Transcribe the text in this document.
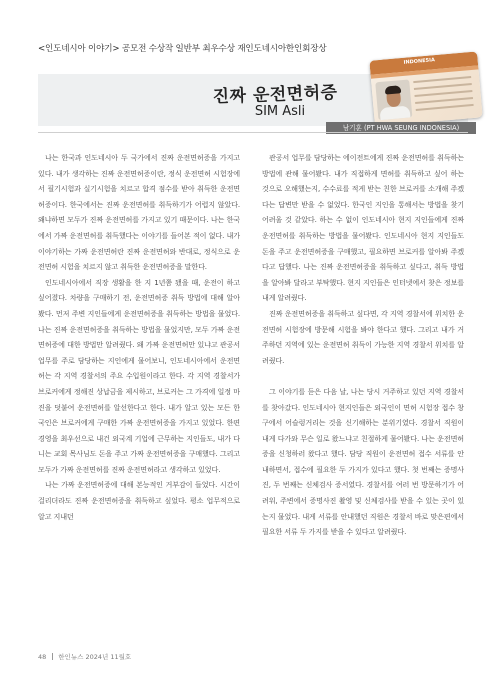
<인도네시아 이야기> 공모전 수상작 일반부 최우수상 재인도네시아한인회장상
진짜 운전면허증
SIM Asli
INDONESIA
남기훈 (PT HWA SEUNG INDONESIA)

나는 한국과 인도네시아 두 국가에서 진짜 운전면허증을 가지고 있다. 내가 생각하는 진짜 운전면허증이란, 정식 운전면허 시험장에서 필기시험과 실기시험을 치르고 합격 점수를 받아 취득한 운전면허증이다. 한국에서는 진짜 운전면허를 취득하기가 어렵지 않았다. 왜냐하면 모두가 진짜 운전면허를 가지고 있기 때문이다. 나는 한국에서 가짜 운전면허를 취득했다는 이야기를 들어본 적이 없다. 내가 이야기하는 가짜 운전면허란 진짜 운전면허와 반대로, 정식으로 운전면허 시험을 치르지 않고 취득한 운전면허증을 말한다.

인도네시아에서 직장 생활을 한 지 1년쯤 됐을 때, 운전이 하고 싶어졌다. 차량을 구매하기 전, 운전면허증 취득 방법에 대해 알아봤다. 먼저 주변 지인들에게 운전면허증을 취득하는 방법을 물었다. 나는 진짜 운전면허증을 취득하는 방법을 물었지만, 모두 가짜 운전면허증에 대한 방법만 알려줬다. 왜 가짜 운전면허만 있냐고 관공서 업무를 주로 담당하는 지인에게 물어보니, 인도네시아에서 운전면허는 각 지역 경찰서의 주요 수입원이라고 한다. 각 지역 경찰서가 브로커에게 정해진 상납금을 제시하고, 브로커는 그 가격에 일정 마진을 덧붙여 운전면허를 알선한다고 한다. 내가 알고 있는 모든 한국인은 브로커에게 구매한 가짜 운전면허증을 가지고 있었다. 한편 경영을 최우선으로 내건 외국계 기업에 근무하는 지인들도, 내가 다니는 교회 목사님도 돈을 주고 가짜 운전면허증을 구매했다. 그리고 모두가 가짜 운전면허를 진짜 운전면허라고 생각하고 있었다.

나는 가짜 운전면허증에 대해 본능적인 거부감이 들었다. 시간이 걸리더라도 진짜 운전면허증을 취득하고 싶었다. 평소 업무적으로 알고 지내던

관공서 업무를 담당하는 에이전트에게 진짜 운전면허를 취득하는 방법에 관해 물어봤다. 내가 직접하게 면허를 취득하고 싶어 하는 것으로 오해했는지, 수수료를 적게 받는 친한 브로커를 소개해 주겠다는 답변만 받을 수 없었다. 한국인 지인을 통해서는 방법을 찾기 어려울 것 같았다. 하는 수 없이 인도네시아 현지 지인들에게 진짜 운전면허를 취득하는 방법을 물어봤다. 인도네시아 현지 지인들도 돈을 주고 운전면허증을 구매했고, 필요하면 브로커를 알아봐 주겠다고 답했다. 나는 진짜 운전면허증을 취득하고 싶다고, 취득 방법을 알아봐 달라고 부탁했다. 현지 지인들은 인터넷에서 찾은 정보를 내게 알려줬다.

진짜 운전면허증을 취득하고 싶다면, 각 지역 경찰서에 위치한 운전면허 시험장에 방문해 시험을 봐야 한다고 했다. 그리고 내가 거주하던 지역에 있는 운전면허 취득이 가능한 지역 경찰서 위치를 알려줬다.

그 이야기를 듣은 다음 날, 나는 당시 거주하고 있던 지역 경찰서를 찾아갔다. 인도네시아 현지인들은 외국인이 면허 시험장 접수 창구에서 어슬렁거리는 것을 신기해하는 분위기였다. 경찰서 직원이 내게 다가와 무슨 일로 왔느냐고 친절하게 물어봤다. 나는 운전면허증을 신청하러 왔다고 했다. 담당 직원이 운전면허 접수 서류를 안내하면서, 접수에 필요한 두 가지가 있다고 했다. 첫 번째는 증명사진, 두 번째는 신체검사 증서였다. 경찰서를 여러 번 방문하기가 어려워, 주변에서 증명사진 촬영 및 신체검사를 받을 수 있는 곳이 있는지 물었다. 내게 서류를 안내했던 직원은 경찰서 바로 맞은편에서 필요한 서류 두 가지를 받을 수 있다고 알려줬다.

48 한인뉴스 2024년 11월호
